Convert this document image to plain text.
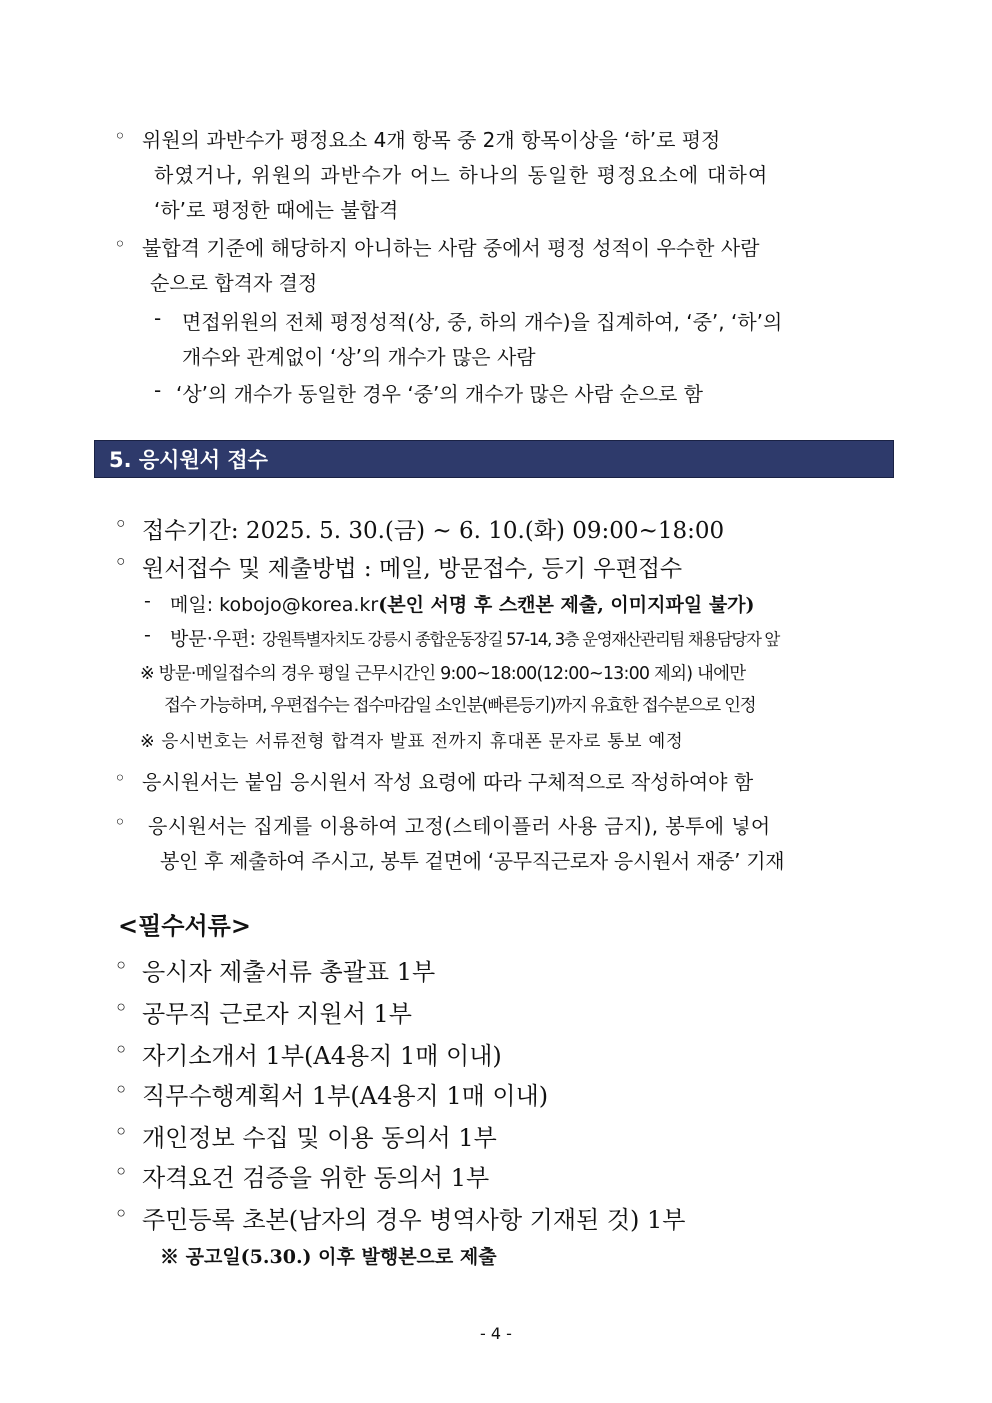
◦ 위원의 과반수가 평정요소 4개 항목 중 2개 항목이상을 ‘하’로 평정

하였거나, 위원의 과반수가 어느 하나의 동일한 평정요소에 대하여

‘하’로 평정한 때에는 불합격

◦ 불합격 기준에 해당하지 아니하는 사람 중에서 평정 성적이 우수한 사람

순으로 합격자 결정

- 면접위원의 전체 평정성적(상, 중, 하의 개수)을 집계하여, ‘중’, ‘하’의

개수와 관계없이 ‘상’의 개수가 많은 사람

- ‘상’의 개수가 동일한 경우 ‘중’의 개수가 많은 사람 순으로 함

5. 응시원서 접수
◦ 접수기간: 2025. 5. 30.(금) ~ 6. 10.(화) 09:00~18:00

◦ 원서접수 및 제출방법 : 메일, 방문접수, 등기 우편접수

- 메일: kobojo@korea.kr(본인 서명 후 스캔본 제출, 이미지파일 불가)

- 방문·우편: 강원특별자치도 강릉시 종합운동장길 57-14, 3층 운영재산관리팀 채용담당자 앞

※ 방문·메일접수의 경우 평일 근무시간인 9:00~18:00(12:00~13:00 제외) 내에만

접수 가능하며, 우편접수는 접수마감일 소인분(빠른등기)까지 유효한 접수분으로 인정

※ 응시번호는 서류전형 합격자 발표 전까지 휴대폰 문자로 통보 예정

◦ 응시원서는 붙임 응시원서 작성 요령에 따라 구체적으로 작성하여야 함

◦ 응시원서는 집게를 이용하여 고정(스테이플러 사용 금지), 봉투에 넣어

봉인 후 제출하여 주시고, 봉투 겉면에 ‘공무직근로자 응시원서 재중’ 기재

<필수서류>

◦ 응시자 제출서류 총괄표 1부

◦ 공무직 근로자 지원서 1부

◦ 자기소개서 1부(A4용지 1매 이내)

◦ 직무수행계획서 1부(A4용지 1매 이내)

◦ 개인정보 수집 및 이용 동의서 1부

◦ 자격요건 검증을 위한 동의서 1부

◦ 주민등록 초본(남자의 경우 병역사항 기재된 것) 1부

※ 공고일(5.30.) 이후 발행본으로 제출

- 4 -
